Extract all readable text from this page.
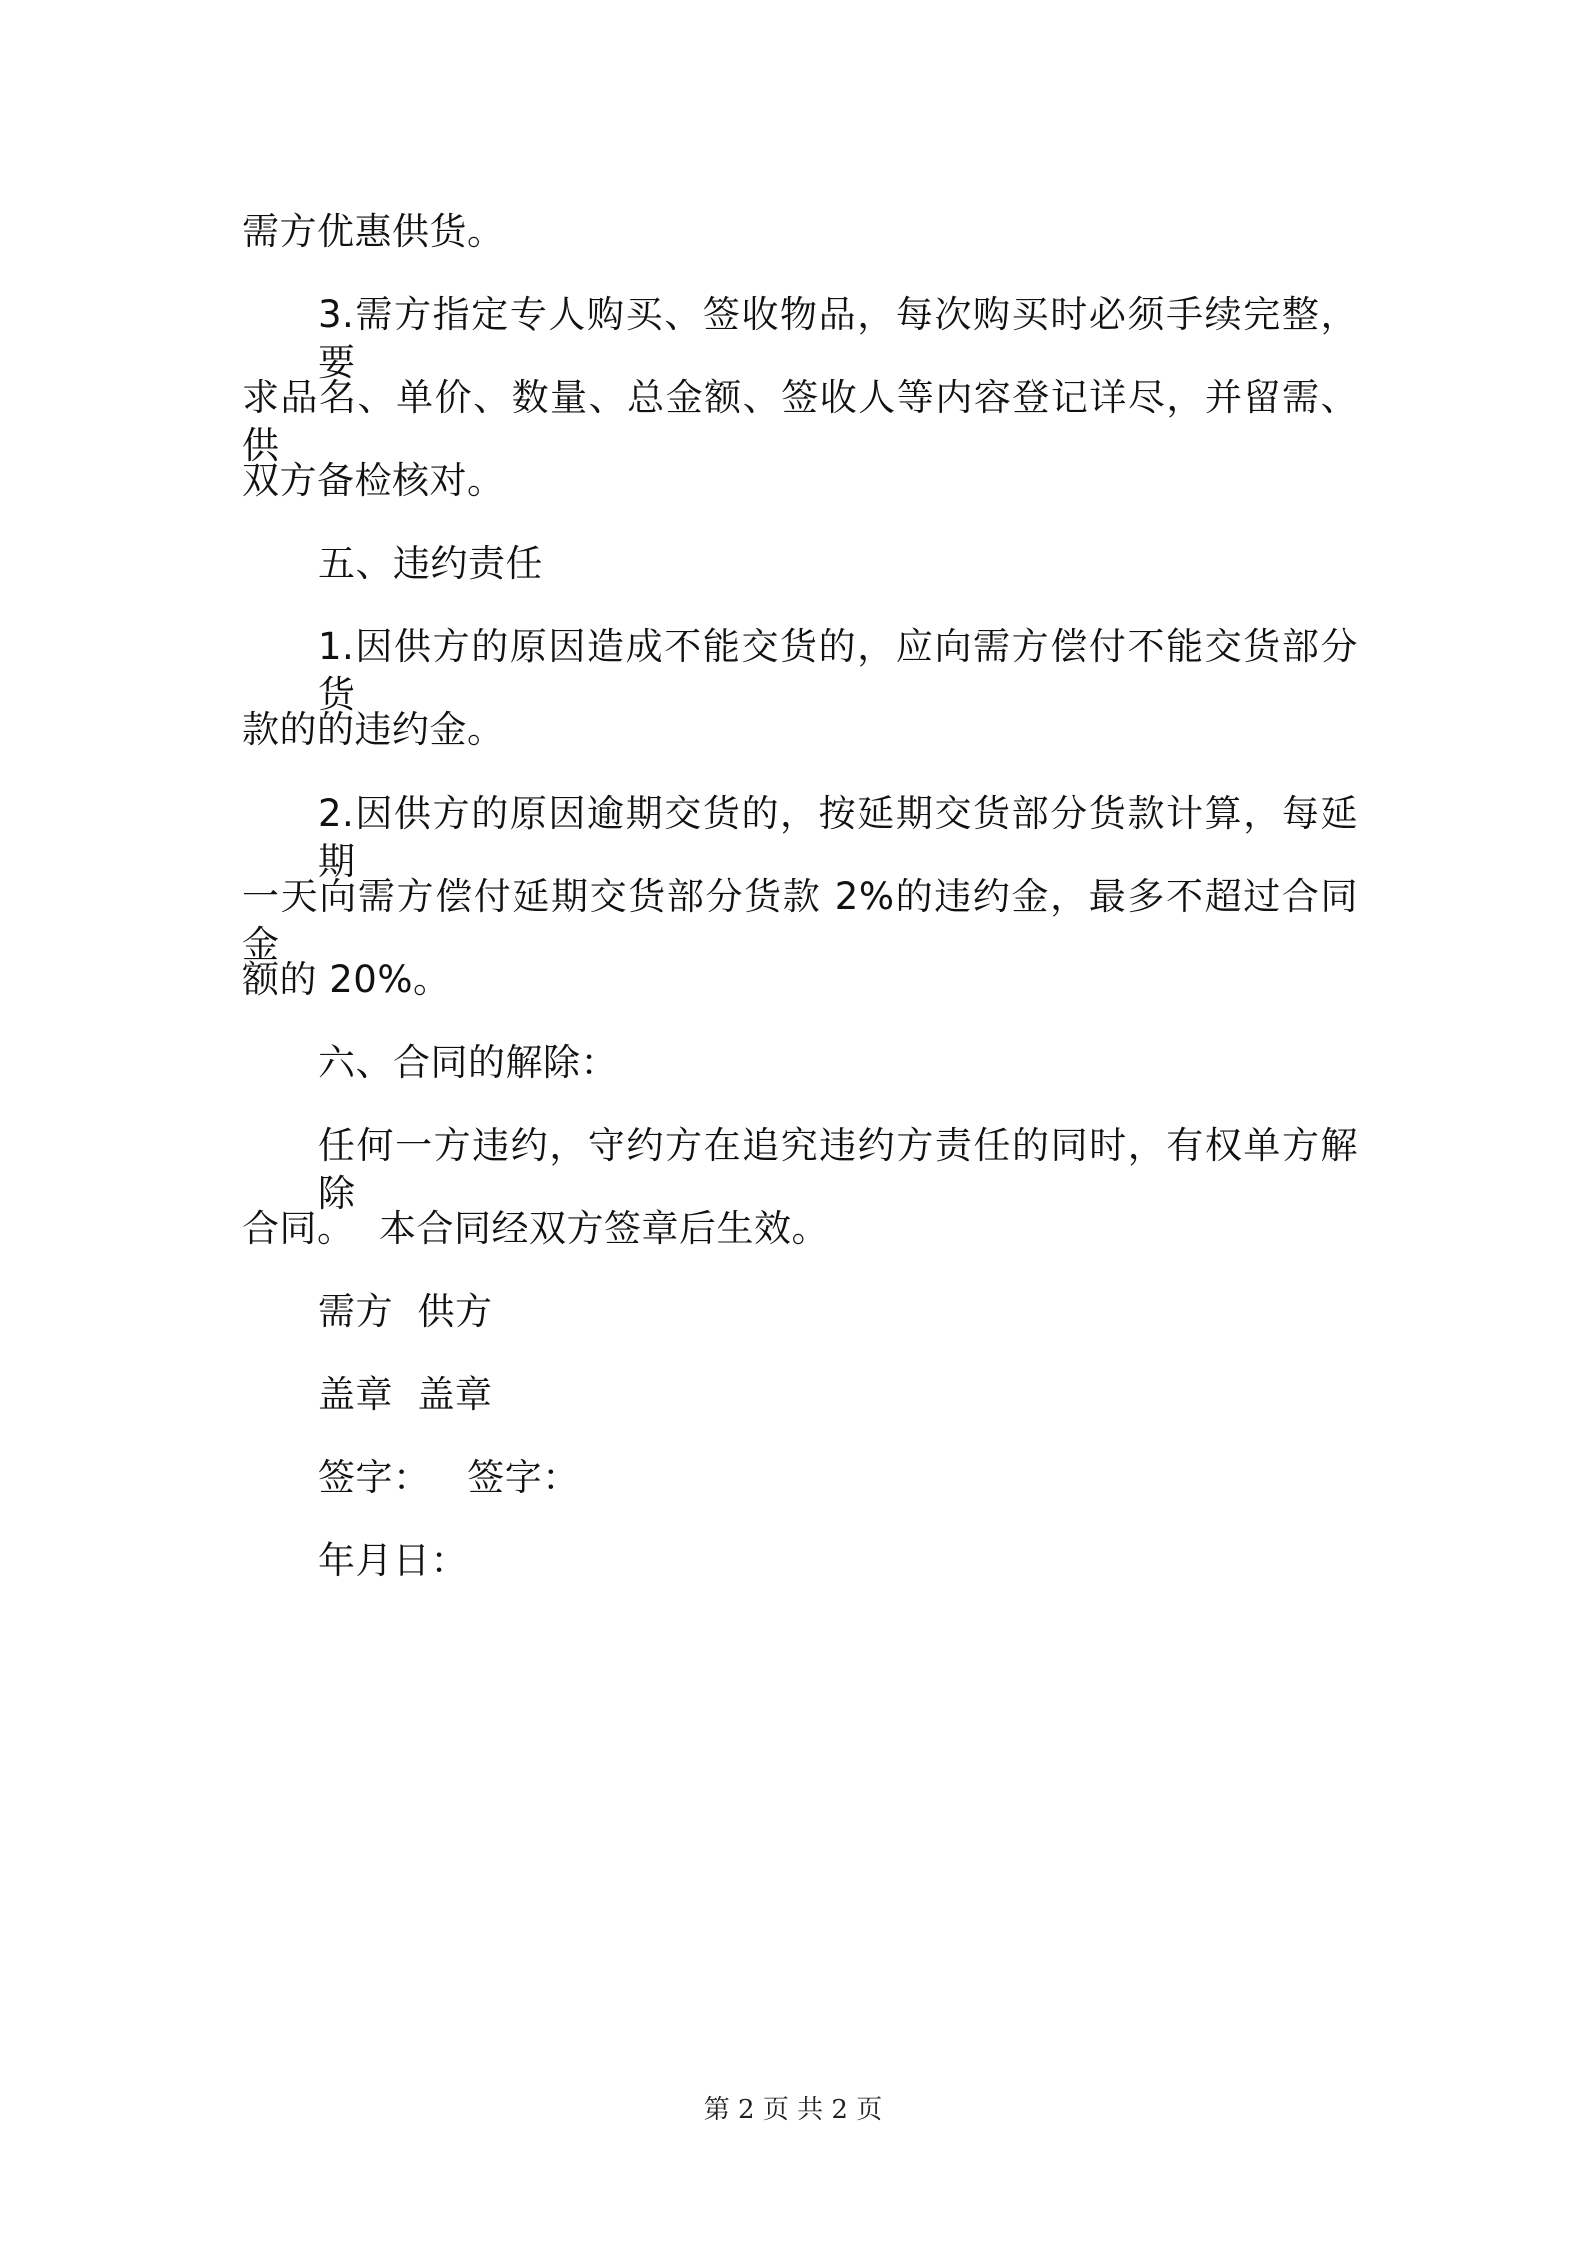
需方优惠供货。
3.需方指定专人购买、签收物品，每次购买时必须手续完整，要
求品名、单价、数量、总金额、签收人等内容登记详尽，并留需、供
双方备检核对。
五、违约责任
1.因供方的原因造成不能交货的，应向需方偿付不能交货部分货
款的的违约金。
2.因供方的原因逾期交货的，按延期交货部分货款计算，每延期
一天向需方偿付延期交货部分货款 2%的违约金，最多不超过合同金
额的 20%。
六、合同的解除：
任何一方违约，守约方在追究违约方责任的同时，有权单方解除
合同。  本合同经双方签章后生效。
需方  供方
盖章  盖章
签字：   签字：
年月日：
第 2 页 共 2 页
